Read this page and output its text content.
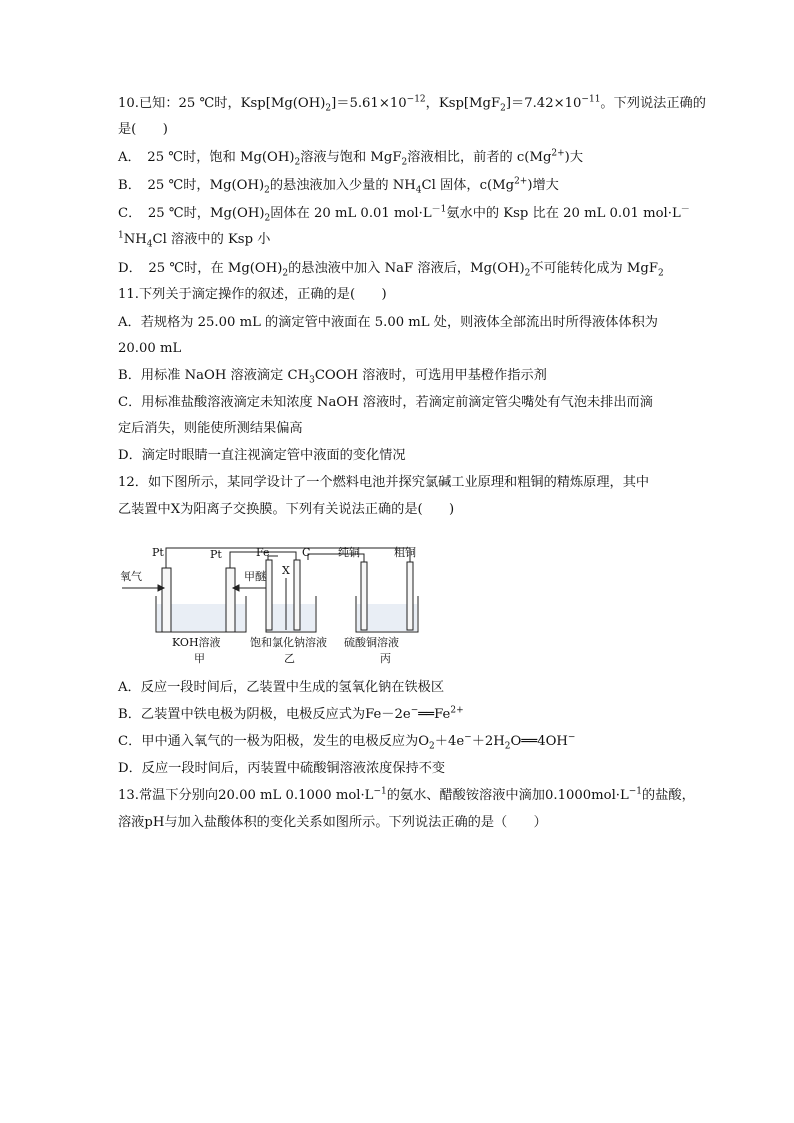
10.已知：25 ℃时，$Ksp[Mg(OH)_2]=5.61\times 10^{-12}$，$Ksp[MgF_2]=7.42\times 10^{-11}$。下列说法正确的
是(　　)
A．　25 ℃时，饱和 $Mg(OH)_2$溶液与饱和 MgF$_2$溶液相比，前者的 $c(Mg^{2+})$大
B．　25 ℃时，$Mg(OH)_2$的悬浊液加入少量的 $NH_4Cl$ 固体，$c(Mg^{2+})$增大
C．　25 ℃时，$Mg(OH)_2$固体在 20 mL 0.01 $mol\cdot L^{-1}$氨水中的 Ksp 比在 20 mL 0.01 mol·L－
$^1NH_4Cl$ 溶液中的 Ksp 小
D．　25 ℃时，在 $Mg(OH)_2$的悬浊液中加入 NaF 溶液后，$Mg(OH)_2$不可能转化成为 MgF$_2$
11.下列关于滴定操作的叙述，正确的是(　　)
A．若规格为 25.00 mL 的滴定管中液面在 5.00 mL 处，则液体全部流出时所得液体体积为
20.00 mL
B．用标准 NaOH 溶液滴定 $CH_3COOH$ 溶液时，可选用甲基橙作指示剂
C．用标准盐酸溶液滴定未知浓度 NaOH 溶液时，若滴定前滴定管尖嘴处有气泡未排出而滴
定后消失，则能使所测结果偏高
D．滴定时眼睛一直注视滴定管中液面的变化情况
12．如下图所示，某同学设计了一个燃料电池并探究氯碱工业原理和粗铜的精炼原理，其中
乙装置中X为阳离子交换膜。下列有关说法正确的是(　　)
Pt	Pt	Fe	C	纯铜	粗铜
氧气	甲醚 X
KOH溶液
甲
饱和氯化钠溶液
乙
硫酸铜溶液
丙
A．反应一段时间后，乙装置中生成的氢氧化钠在铁极区
B．乙装置中铁电极为阴极，电极反应式为$Fe-2e^-══Fe^{2+}$
C．甲中通入氧气的一极为阳极，发生的电极反应为$O_2+4e^-+2H_2O══4OH^-$
D．反应一段时间后，丙装置中硫酸铜溶液浓度保持不变
13.常温下分别向20.00 mL 0.1000 $mol\cdot L^{-1}$的氨水、醋酸铵溶液中滴加$0.1000mol\cdot L^{-1}$的盐酸，
溶液pH与加入盐酸体积的变化关系如图所示。下列说法正确的是（　　）
